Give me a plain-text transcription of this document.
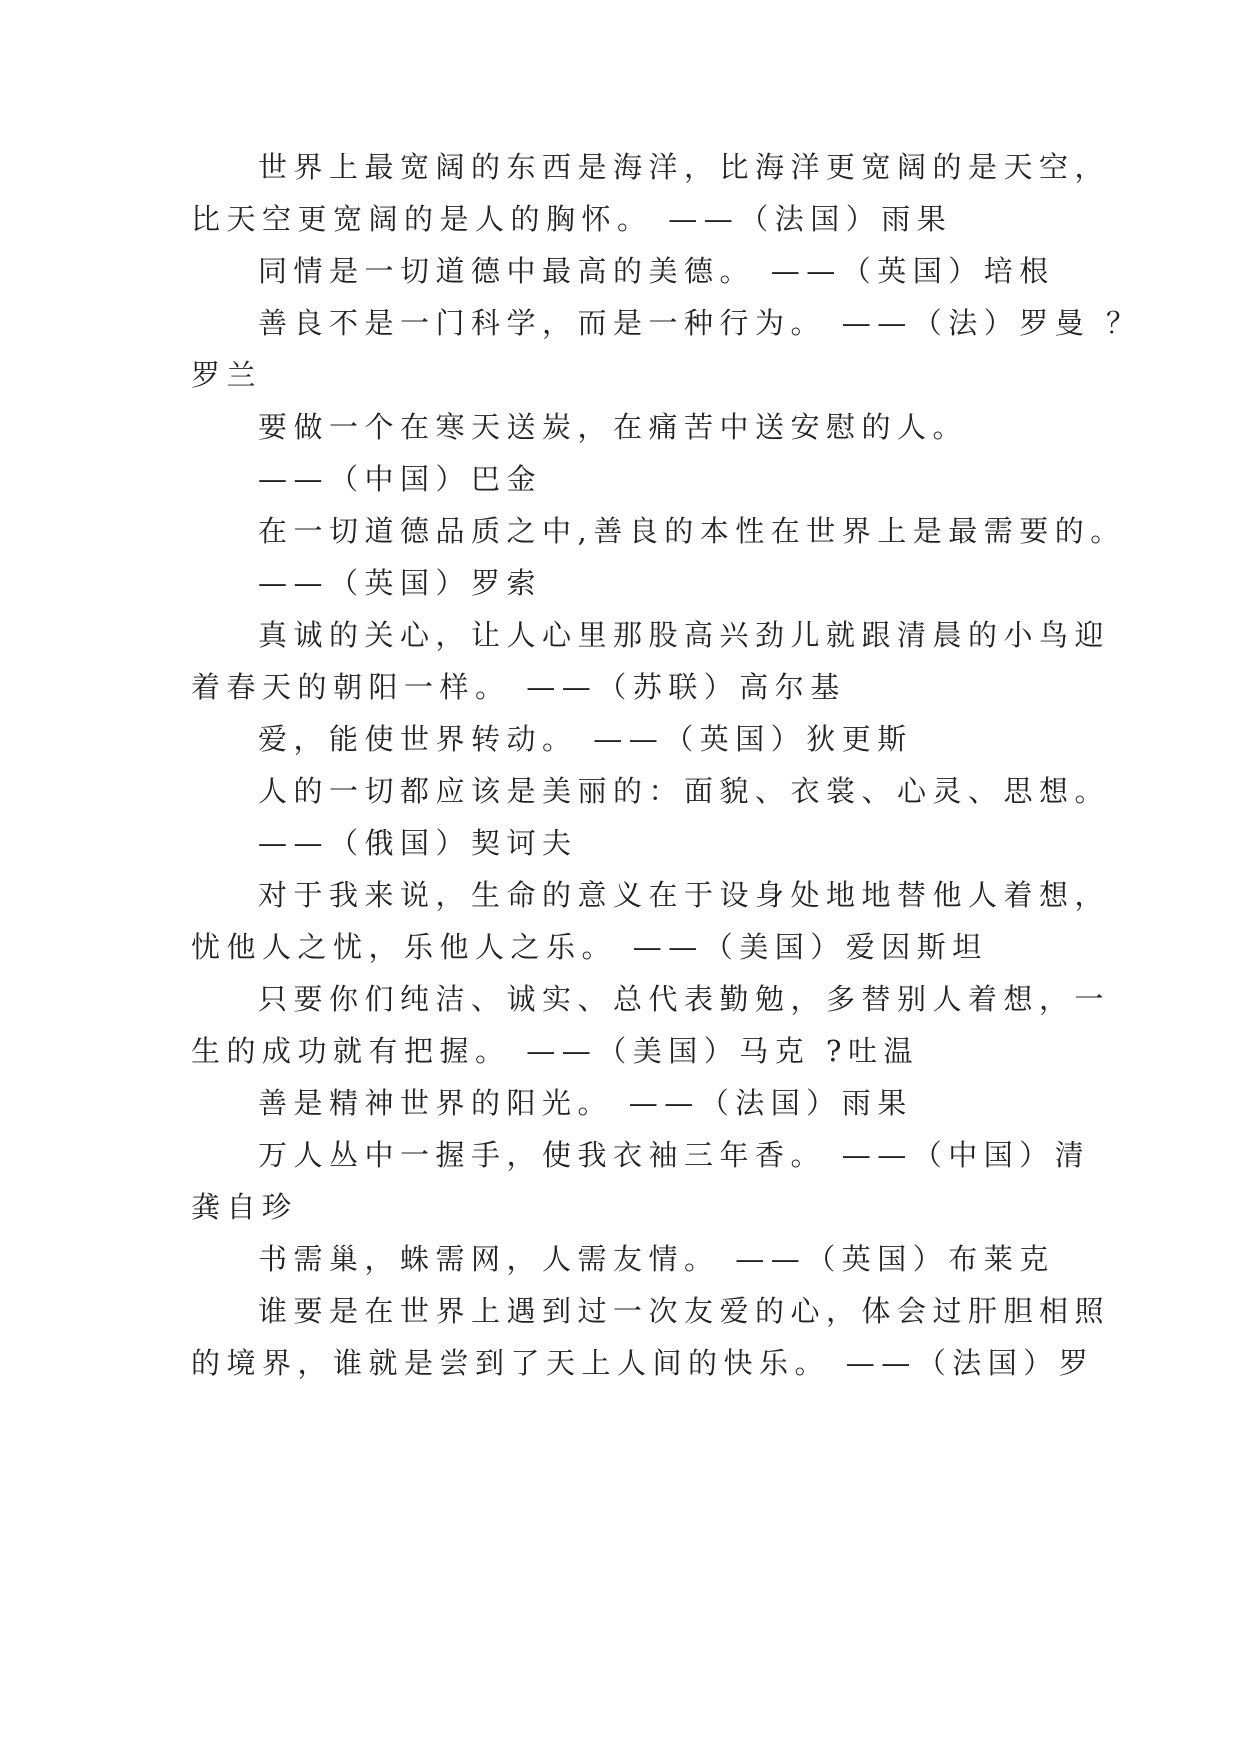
世界上最宽阔的东西是海洋，比海洋更宽阔的是天空，
比天空更宽阔的是人的胸怀。 ——（法国）雨果
同情是一切道德中最高的美德。 ——（英国）培根
善良不是一门科学，而是一种行为。 ——（法）罗曼 ？
罗兰
要做一个在寒天送炭，在痛苦中送安慰的人。
——（中国）巴金
在一切道德品质之中,善良的本性在世界上是最需要的。
——（英国）罗索
真诚的关心，让人心里那股高兴劲儿就跟清晨的小鸟迎
着春天的朝阳一样。 ——（苏联）高尔基
爱，能使世界转动。 ——（英国）狄更斯
人的一切都应该是美丽的：面貌、衣裳、心灵、思想。
——（俄国）契诃夫
对于我来说，生命的意义在于设身处地地替他人着想，
忧他人之忧，乐他人之乐。 ——（美国）爱因斯坦
只要你们纯洁、诚实、总代表勤勉，多替别人着想，一
生的成功就有把握。 ——（美国）马克 ?吐温
善是精神世界的阳光。 ——（法国）雨果
万人丛中一握手，使我衣袖三年香。 ——（中国）清
龚自珍
书需巢，蛛需网，人需友情。 ——（英国）布莱克
谁要是在世界上遇到过一次友爱的心，体会过肝胆相照
的境界，谁就是尝到了天上人间的快乐。 ——（法国）罗
